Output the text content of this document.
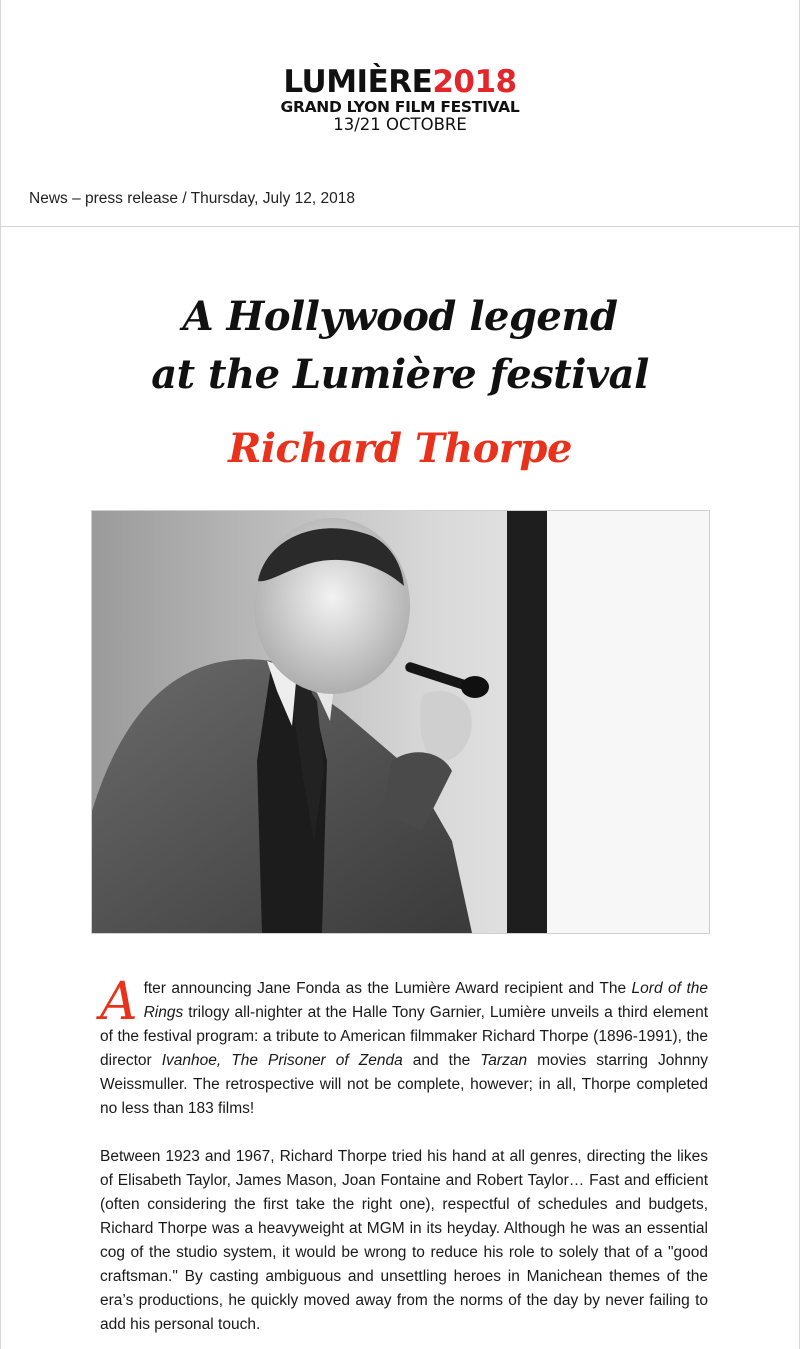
LUMIÈRE2018
GRAND LYON FILM FESTIVAL
13/21 OCTOBRE
News – press release / Thursday, July 12, 2018
A Hollywood legend
at the Lumière festival
Richard Thorpe
After announcing Jane Fonda as the Lumière Award recipient and The Lord of the Rings trilogy all-nighter at the Halle Tony Garnier, Lumière unveils a third element of the festival program: a tribute to American filmmaker Richard Thorpe (1896-1991), the director Ivanhoe, The Prisoner of Zenda and the Tarzan movies starring Johnny Weissmuller. The retrospective will not be complete, however; in all, Thorpe completed no less than 183 films!
Between 1923 and 1967, Richard Thorpe tried his hand at all genres, directing the likes of Elisabeth Taylor, James Mason, Joan Fontaine and Robert Taylor… Fast and efficient (often considering the first take the right one), respectful of schedules and budgets, Richard Thorpe was a heavyweight at MGM in its heyday. Although he was an essential cog of the studio system, it would be wrong to reduce his role to solely that of a "good craftsman." By casting ambiguous and unsettling heroes in Manichean themes of the era’s productions, he quickly moved away from the norms of the day by never failing to add his personal touch.
